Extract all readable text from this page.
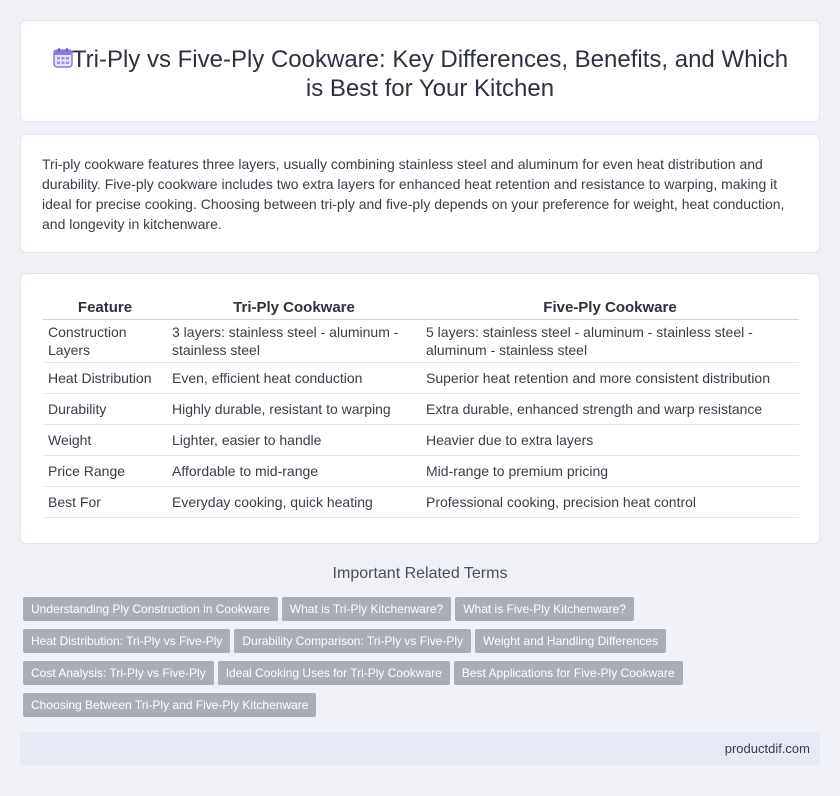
Tri-Ply vs Five-Ply Cookware: Key Differences, Benefits, and Which is Best for Your Kitchen

Tri-ply cookware features three layers, usually combining stainless steel and aluminum for even heat distribution and durability. Five-ply cookware includes two extra layers for enhanced heat retention and resistance to warping, making it ideal for precise cooking. Choosing between tri-ply and five-ply depends on your preference for weight, heat conduction, and longevity in kitchenware.

Feature	Tri-Ply Cookware	Five-Ply Cookware
Construction Layers	3 layers: stainless steel - aluminum - stainless steel	5 layers: stainless steel - aluminum - stainless steel - aluminum - stainless steel
Heat Distribution	Even, efficient heat conduction	Superior heat retention and more consistent distribution
Durability	Highly durable, resistant to warping	Extra durable, enhanced strength and warp resistance
Weight	Lighter, easier to handle	Heavier due to extra layers
Price Range	Affordable to mid-range	Mid-range to premium pricing
Best For	Everyday cooking, quick heating	Professional cooking, precision heat control
Important Related Terms
Understanding Ply Construction in Cookware What is Tri-Ply Kitchenware? What is Five-Ply Kitchenware?
Heat Distribution: Tri-Ply vs Five-Ply Durability Comparison: Tri-Ply vs Five-Ply Weight and Handling Differences
Cost Analysis: Tri-Ply vs Five-Ply Ideal Cooking Uses for Tri-Ply Cookware Best Applications for Five-Ply Cookware
Choosing Between Tri-Ply and Five-Ply Kitchenware
productdif.com
